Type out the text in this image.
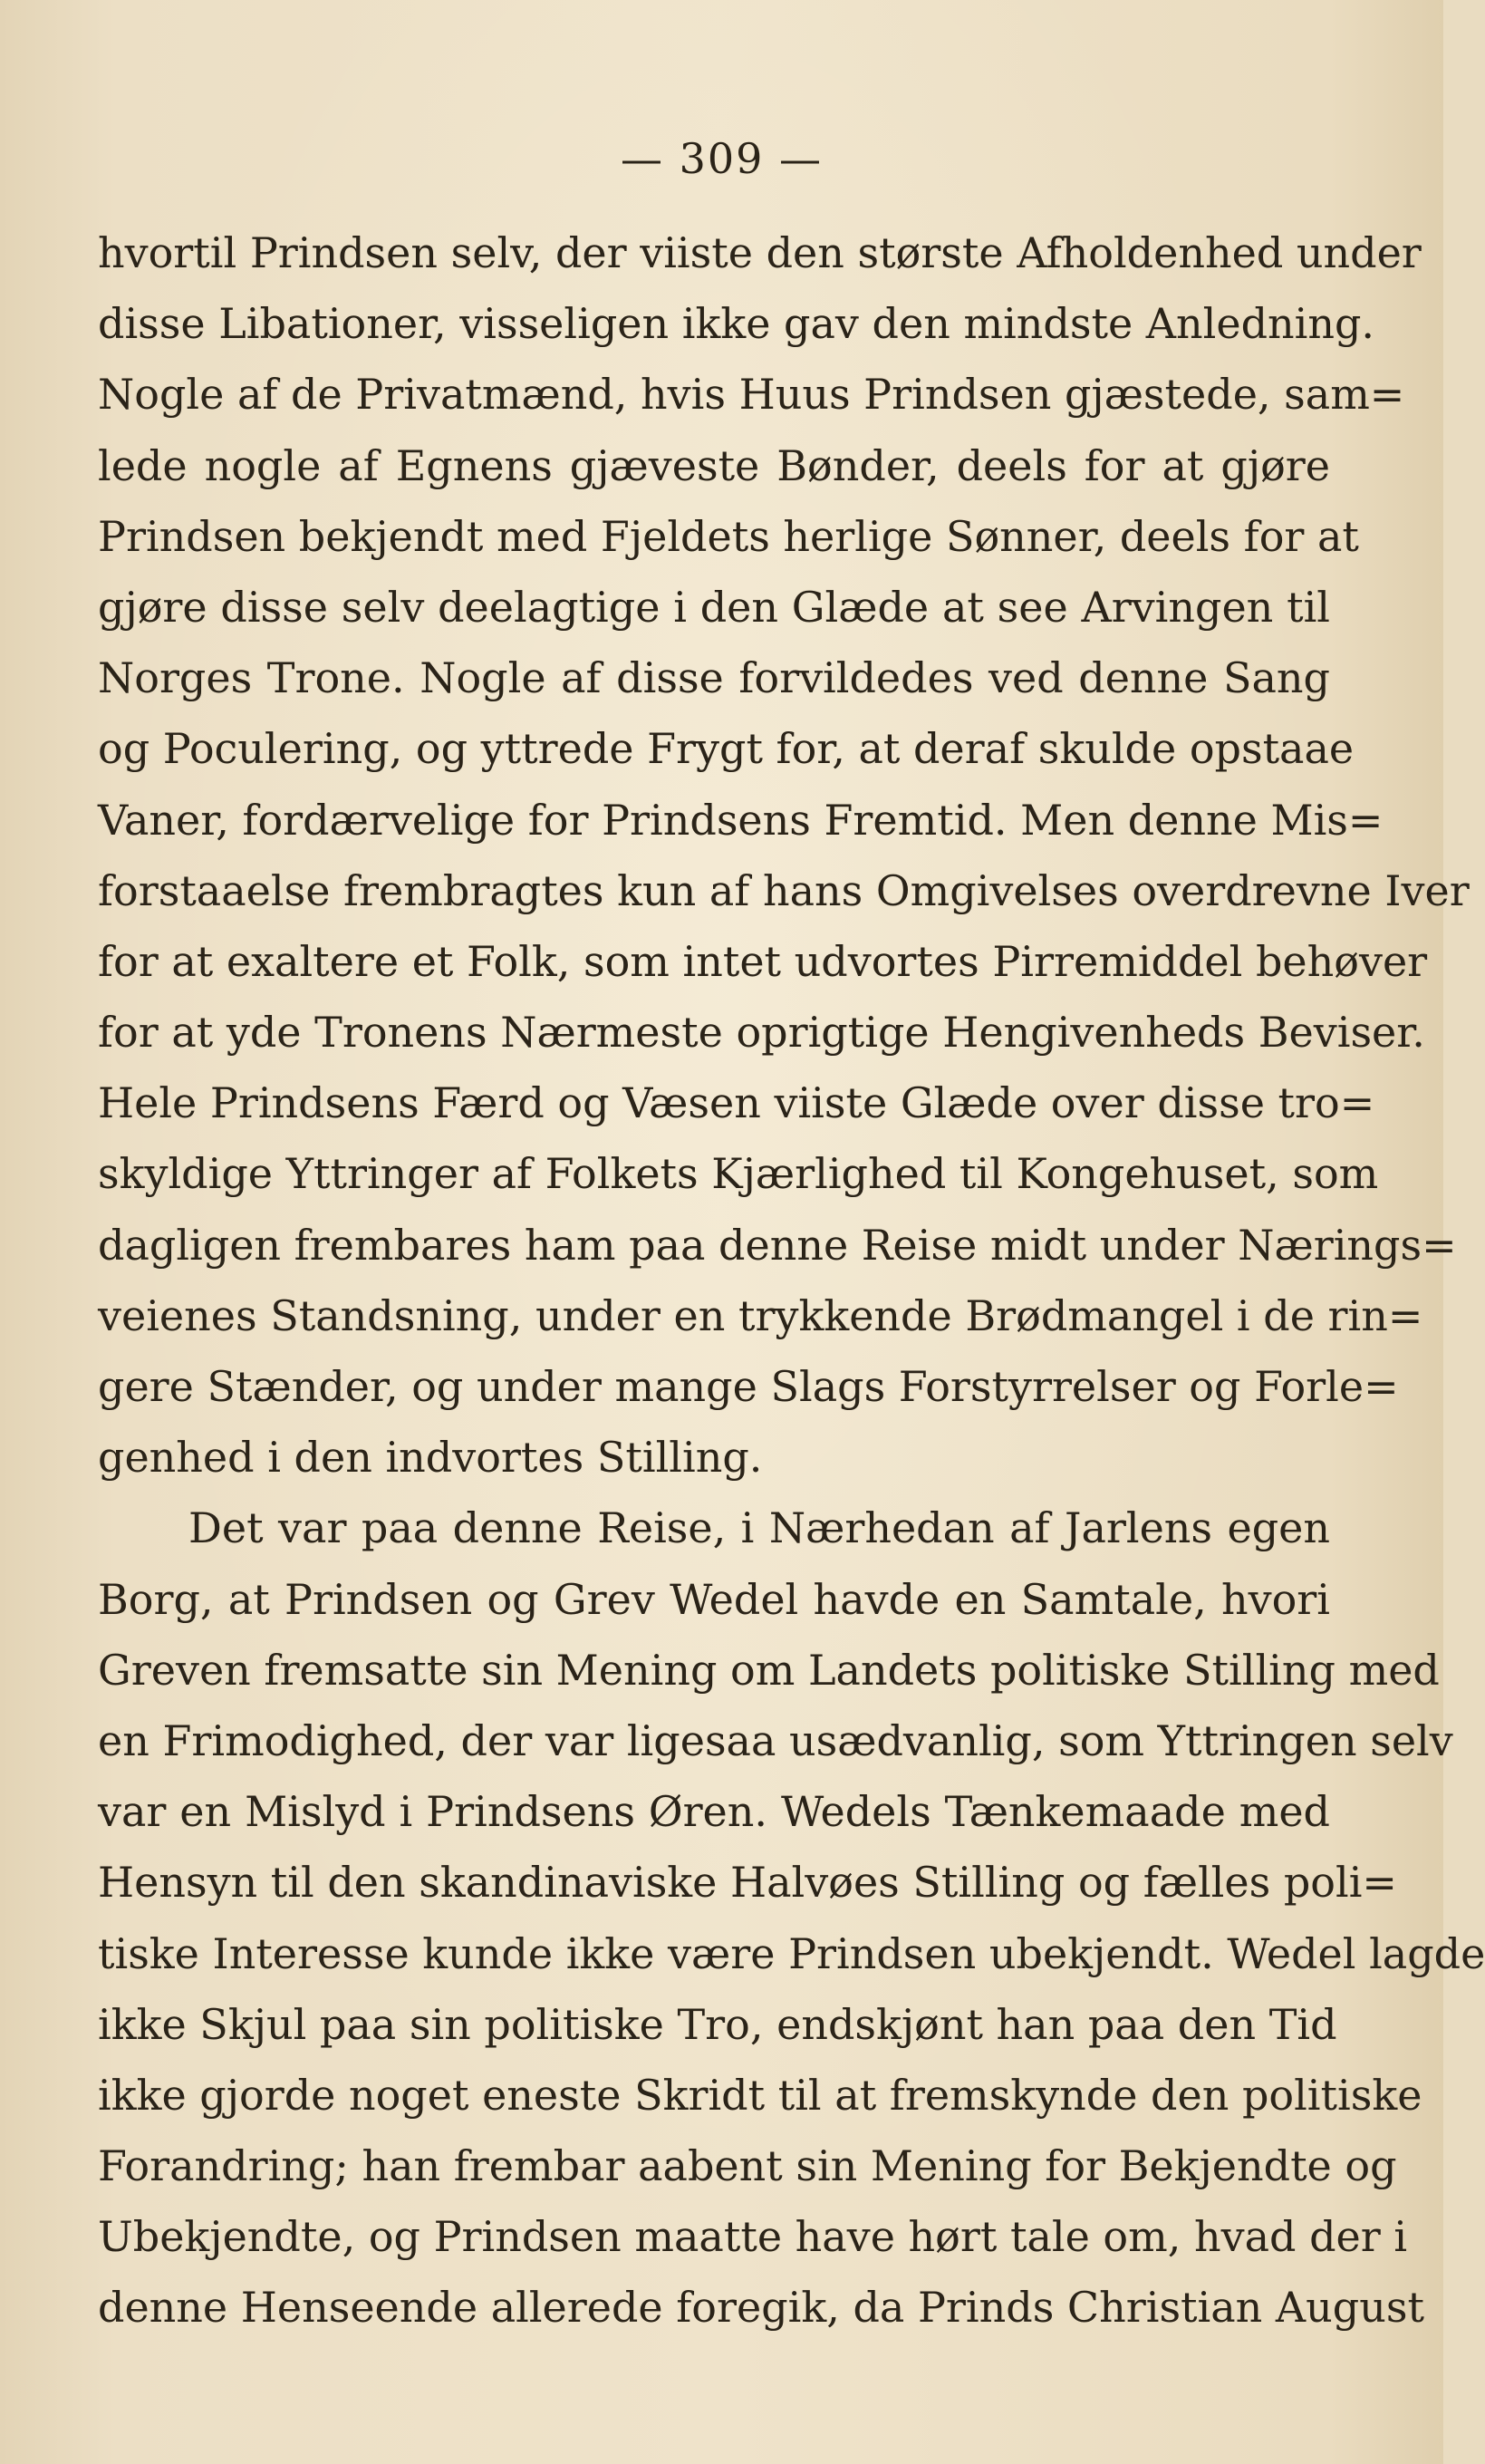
— 309 —
hvortil Prindsen selv, der viiste den største Afholdenhed under
disse Libationer, visseligen ikke gav den mindste Anledning.
Nogle af de Privatmænd, hvis Huus Prindsen gjæstede, sam=
lede nogle af Egnens gjæveste Bønder, deels for at gjøre
Prindsen bekjendt med Fjeldets herlige Sønner, deels for at
gjøre disse selv deelagtige i den Glæde at see Arvingen til
Norges Trone. Nogle af disse forvildedes ved denne Sang
og Poculering, og yttrede Frygt for, at deraf skulde opstaae
Vaner, fordærvelige for Prindsens Fremtid. Men denne Mis=
forstaaelse frembragtes kun af hans Omgivelses overdrevne Iver
for at exaltere et Folk, som intet udvortes Pirremiddel behøver
for at yde Tronens Nærmeste oprigtige Hengivenheds Beviser.
Hele Prindsens Færd og Væsen viiste Glæde over disse tro=
skyldige Yttringer af Folkets Kjærlighed til Kongehuset, som
dagligen frembares ham paa denne Reise midt under Nærings=
veienes Standsning, under en trykkende Brødmangel i de rin=
gere Stænder, og under mange Slags Forstyrrelser og Forle=
genhed i den indvortes Stilling.
Det var paa denne Reise, i Nærhedan af Jarlens egen
Borg, at Prindsen og Grev Wedel havde en Samtale, hvori
Greven fremsatte sin Mening om Landets politiske Stilling med
en Frimodighed, der var ligesaa usædvanlig, som Yttringen selv
var en Mislyd i Prindsens Øren. Wedels Tænkemaade med
Hensyn til den skandinaviske Halvøes Stilling og fælles poli=
tiske Interesse kunde ikke være Prindsen ubekjendt. Wedel lagde
ikke Skjul paa sin politiske Tro, endskjønt han paa den Tid
ikke gjorde noget eneste Skridt til at fremskynde den politiske
Forandring; han frembar aabent sin Mening for Bekjendte og
Ubekjendte, og Prindsen maatte have hørt tale om, hvad der i
denne Henseende allerede foregik, da Prinds Christian August
